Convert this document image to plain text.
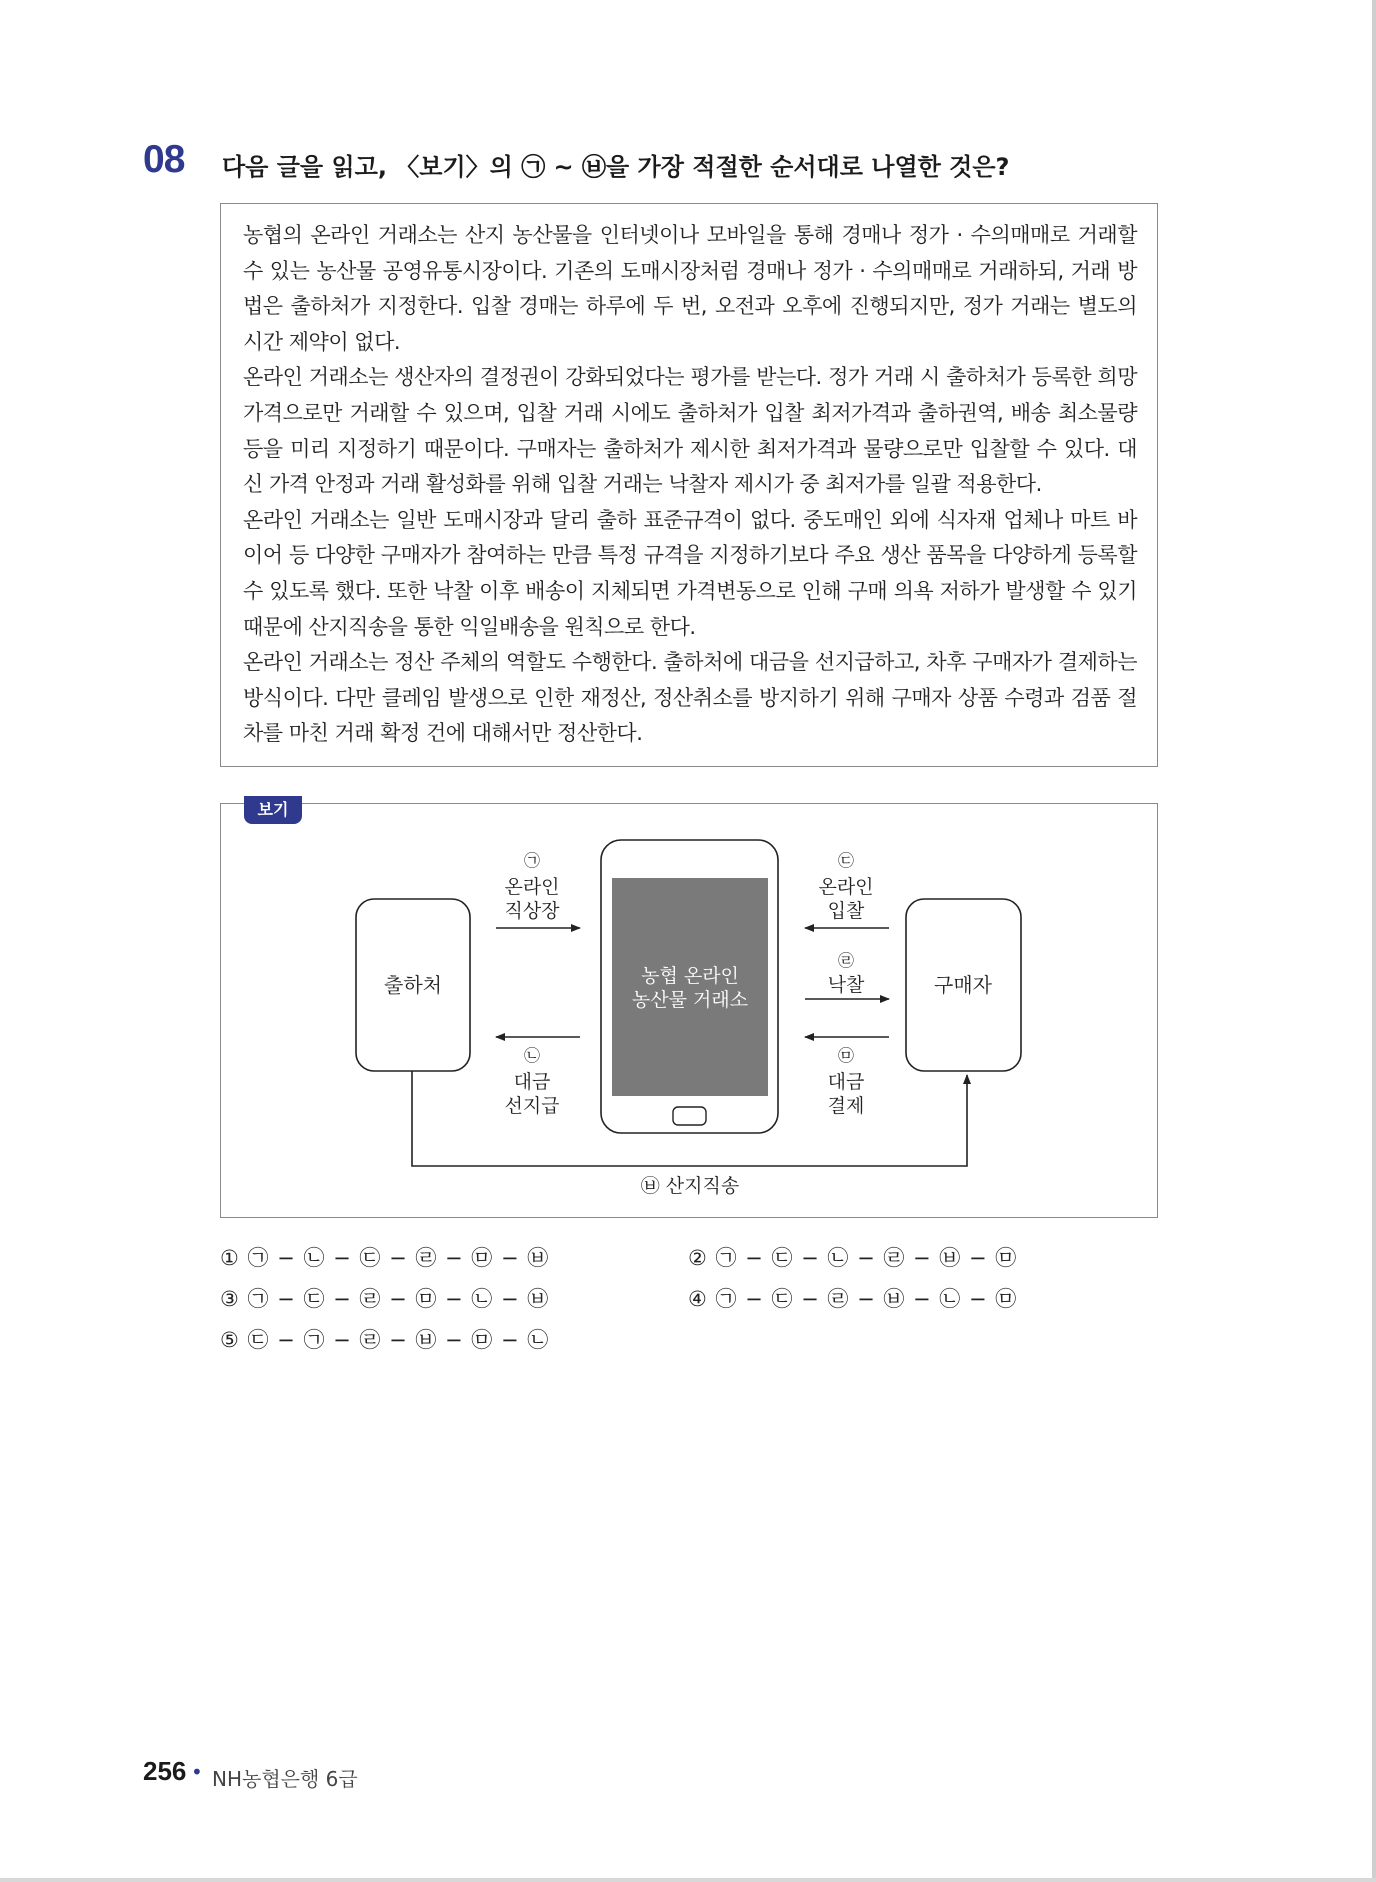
08 다음 글을 읽고, 〈보기〉의 ㉠ ~ ㉥을 가장 적절한 순서대로 나열한 것은?

농협의 온라인 거래소는 산지 농산물을 인터넷이나 모바일을 통해 경매나 정가 · 수의매매로 거래할 수 있는 농산물 공영유통시장이다. 기존의 도매시장처럼 경매나 정가 · 수의매매로 거래하되, 거래 방법은 출하처가 지정한다. 입찰 경매는 하루에 두 번, 오전과 오후에 진행되지만, 정가 거래는 별도의 시간 제약이 없다.

온라인 거래소는 생산자의 결정권이 강화되었다는 평가를 받는다. 정가 거래 시 출하처가 등록한 희망 가격으로만 거래할 수 있으며, 입찰 거래 시에도 출하처가 입찰 최저가격과 출하권역, 배송 최소물량 등을 미리 지정하기 때문이다. 구매자는 출하처가 제시한 최저가격과 물량으로만 입찰할 수 있다. 대신 가격 안정과 거래 활성화를 위해 입찰 거래는 낙찰자 제시가 중 최저가를 일괄 적용한다.

온라인 거래소는 일반 도매시장과 달리 출하 표준규격이 없다. 중도매인 외에 식자재 업체나 마트 바이어 등 다양한 구매자가 참여하는 만큼 특정 규격을 지정하기보다 주요 생산 품목을 다양하게 등록할 수 있도록 했다. 또한 낙찰 이후 배송이 지체되면 가격변동으로 인해 구매 의욕 저하가 발생할 수 있기 때문에 산지직송을 통한 익일배송을 원칙으로 한다.

온라인 거래소는 정산 주체의 역할도 수행한다. 출하처에 대금을 선지급하고, 차후 구매자가 결제하는 방식이다. 다만 클레임 발생으로 인한 재정산, 정산취소를 방지하기 위해 구매자 상품 수령과 검품 절차를 마친 거래 확정 건에 대해서만 정산한다.

보기
출하처	구매자
농협 온라인
농산물 거래소
㉠
온라인
직상장
㉡
대금
선지급
㉢
온라인
입찰
㉣
낙찰
㉤
대금
결제
㉥ 산지직송
① ㉠ − ㉡ − ㉢ − ㉣ − ㉤ − ㉥	② ㉠ − ㉢ − ㉡ − ㉣ − ㉥ − ㉤
③ ㉠ − ㉢ − ㉣ − ㉤ − ㉡ − ㉥	④ ㉠ − ㉢ − ㉣ − ㉥ − ㉡ − ㉤
⑤ ㉢ − ㉠ − ㉣ − ㉥ − ㉤ − ㉡
256 • NH농협은행 6급
